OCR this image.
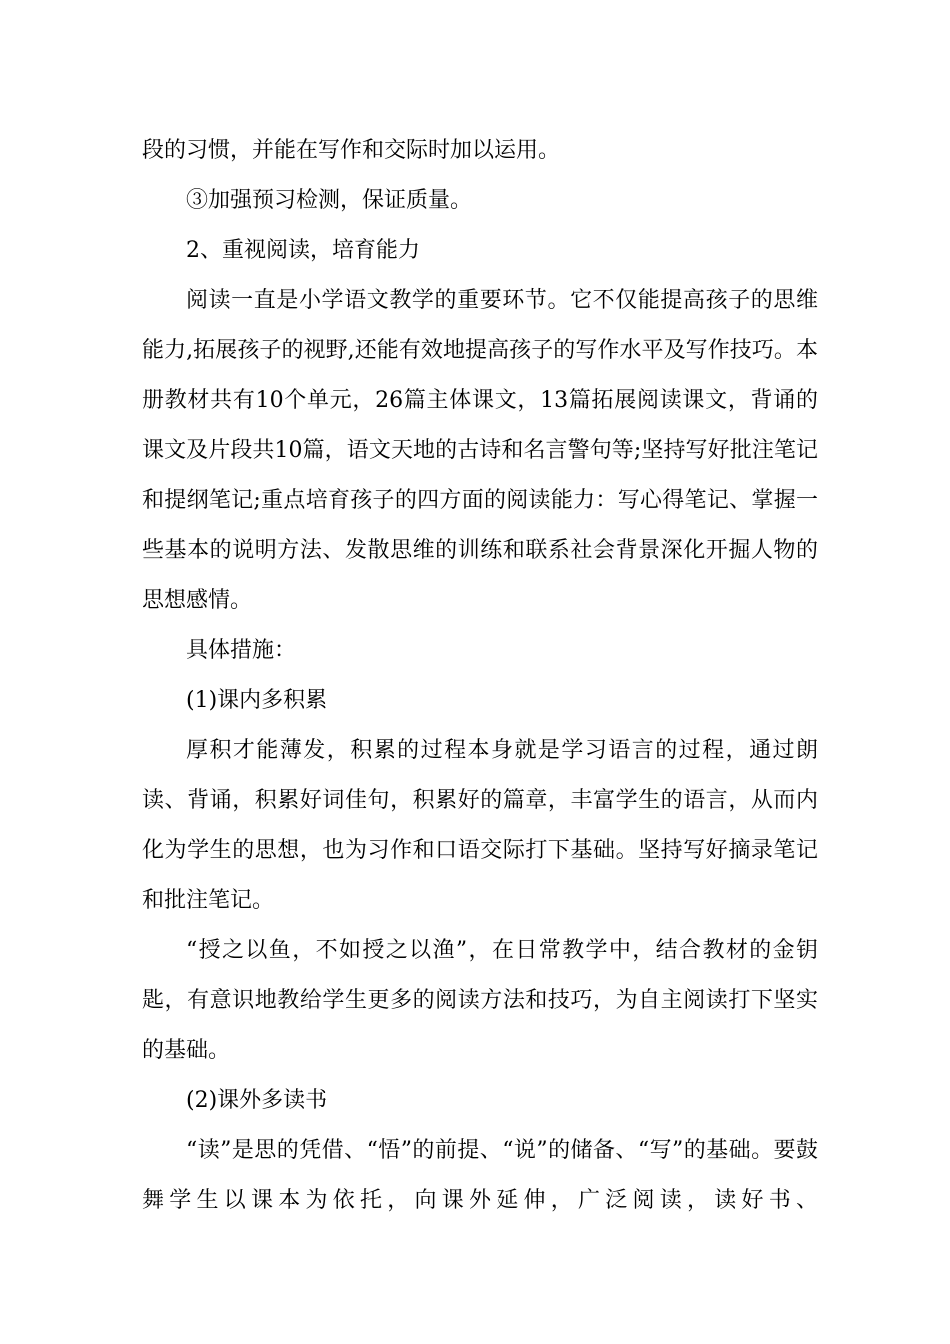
段的习惯，并能在写作和交际时加以运用。

③加强预习检测，保证质量。

2、重视阅读，培育能力

阅读一直是小学语文教学的重要环节。它不仅能提高孩子的思维能力,拓展孩子的视野,还能有效地提高孩子的写作水平及写作技巧。本册教材共有10个单元，26篇主体课文，13篇拓展阅读课文，背诵的课文及片段共10篇，语文天地的古诗和名言警句等;坚持写好批注笔记和提纲笔记;重点培育孩子的四方面的阅读能力：写心得笔记、掌握一些基本的说明方法、发散思维的训练和联系社会背景深化开掘人物的思想感情。

具体措施：

(1)课内多积累

厚积才能薄发，积累的过程本身就是学习语言的过程，通过朗读、背诵，积累好词佳句，积累好的篇章，丰富学生的语言，从而内化为学生的思想，也为习作和口语交际打下基础。坚持写好摘录笔记和批注笔记。

“授之以鱼，不如授之以渔”，在日常教学中，结合教材的金钥匙，有意识地教给学生更多的阅读方法和技巧，为自主阅读打下坚实的基础。

(2)课外多读书

“读”是思的凭借、“悟”的前提、“说”的储备、“写”的基础。要鼓舞学生以课本为依托，向课外延伸，广泛阅读，读好书、
